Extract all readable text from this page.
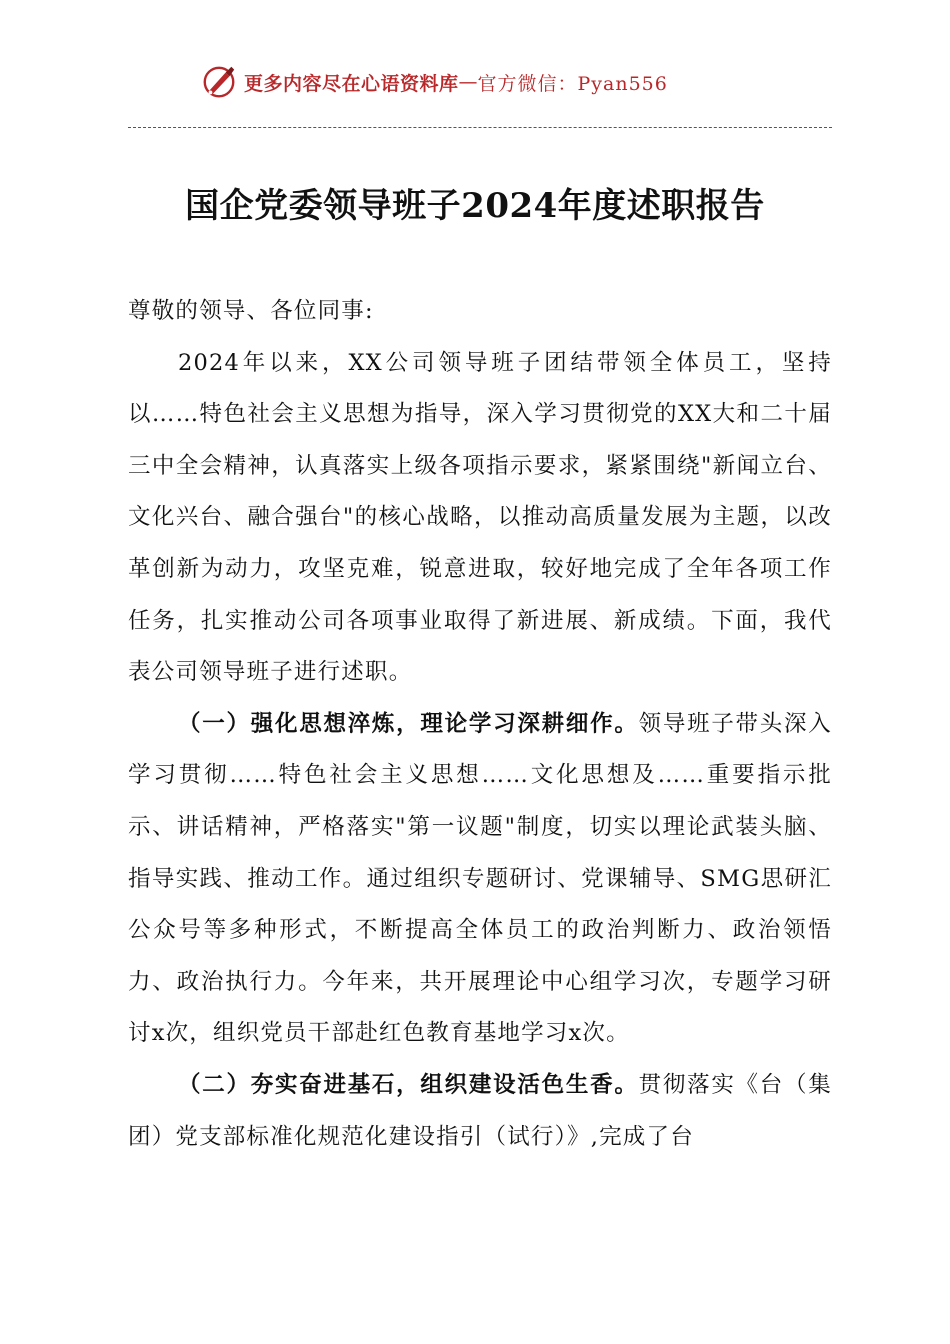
更多内容尽在心语资料库 — 官方微信：Pyan556
国企党委领导班子2024年度述职报告

尊敬的领导、各位同事:

2024年以来，XX公司领导班子团结带领全体员工，坚持以……特色社会主义思想为指导，深入学习贯彻党的XX大和二十届三中全会精神，认真落实上级各项指示要求，紧紧围绕"新闻立台、文化兴台、融合强台"的核心战略，以推动高质量发展为主题，以改革创新为动力，攻坚克难，锐意进取，较好地完成了全年各项工作任务，扎实推动公司各项事业取得了新进展、新成绩。下面，我代表公司领导班子进行述职。

（一）强化思想淬炼，理论学习深耕细作。领导班子带头深入学习贯彻……特色社会主义思想……文化思想及……重要指示批示、讲话精神，严格落实"第一议题"制度，切实以理论武装头脑、指导实践、推动工作。通过组织专题研讨、党课辅导、SMG思研汇公众号等多种形式，不断提高全体员工的政治判断力、政治领悟力、政治执行力。今年来，共开展理论中心组学习次，专题学习研讨x次，组织党员干部赴红色教育基地学习x次。

（二）夯实奋进基石，组织建设活色生香。贯彻落实《台（集团）党支部标准化规范化建设指引（试行）》,完成了台
